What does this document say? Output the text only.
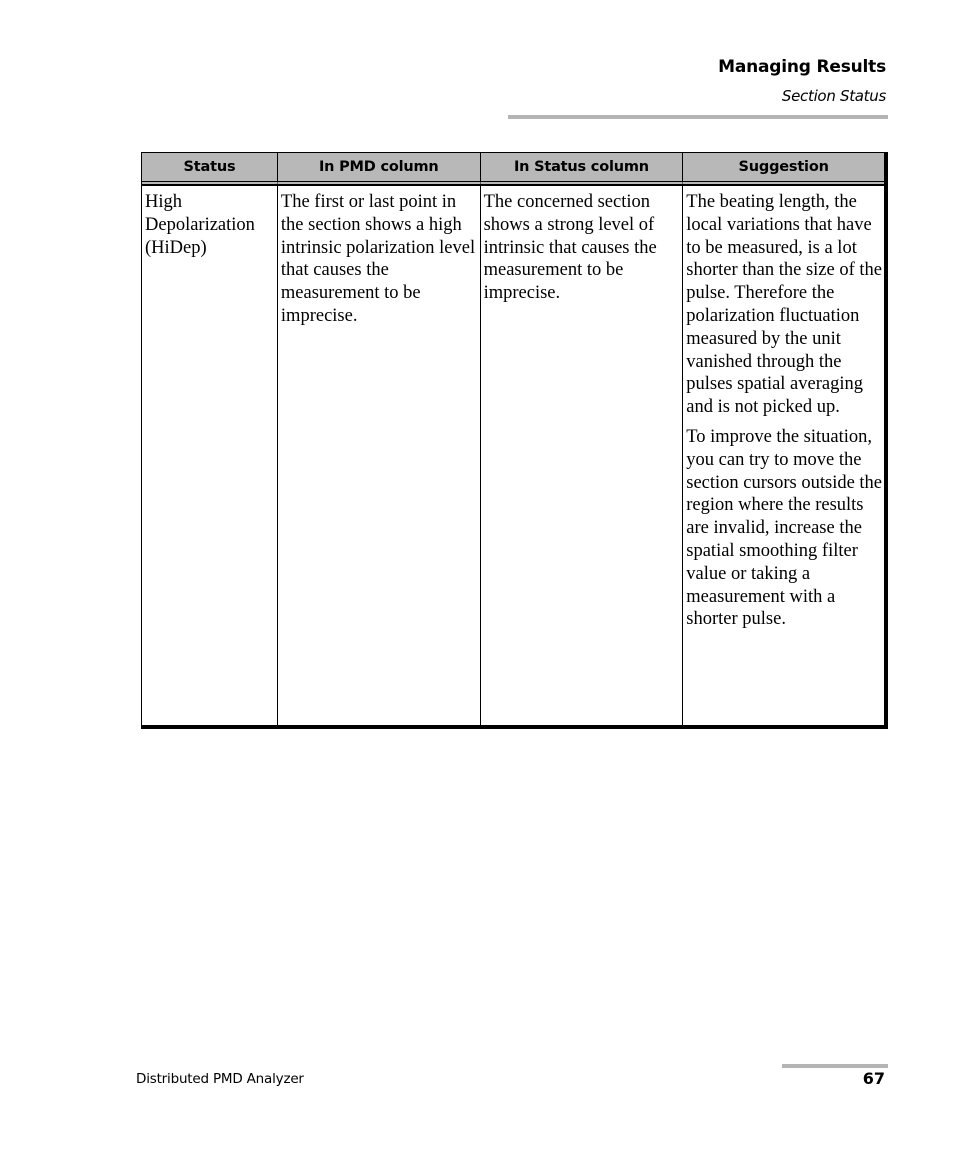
Managing Results
Section Status
Status	In PMD column	In Status column	Suggestion

High Depolarization (HiDep)	The first or last point in the section shows a high intrinsic polarization level that causes the measurement to be imprecise.	The concerned section shows a strong level of intrinsic that causes the measurement to be imprecise.	The beating length, the local variations that have to be measured, is a lot shorter than the size of the pulse. Therefore the polarization fluctuation measured by the unit vanished through the pulses spatial averaging and is not picked up.

To improve the situation, you can try to move the section cursors outside the region where the results are invalid, increase the spatial smoothing filter value or taking a measurement with a shorter pulse.

Distributed PMD Analyzer	67
